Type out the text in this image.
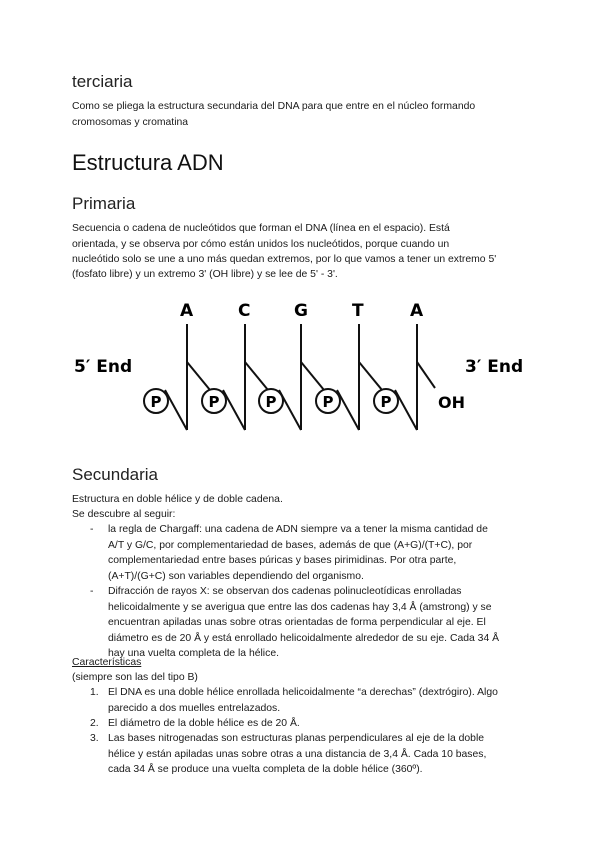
terciaria

Como se pliega la estructura secundaria del DNA para que entre en el núcleo formando

cromosomas y cromatina

Estructura ADN
Primaria

Secuencia o cadena de nucleótidos que forman el DNA (línea en el espacio). Está

orientada, y se observa por cómo están unidos los nucleótidos, porque cuando un

nucleótido solo se une a uno más quedan extremos, por lo que vamos a tener un extremo 5'

(fosfato libre) y un extremo 3' (OH libre) y se lee de 5' - 3'.

5′ End	3′ End
A	C	G	T	A
P	P	P	P	P	OH
Secundaria

Estructura en doble hélice y de doble cadena.

Se descubre al seguir:

- la regla de Chargaff: una cadena de ADN siempre va a tener la misma cantidad de
A/T y G/C, por complementariedad de bases, además de que (A+G)/(T+C), por
complementariedad entre bases púricas y bases pirimidinas. Por otra parte,
(A+T)/(G+C) son variables dependiendo del organismo.
- Difracción de rayos X: se observan dos cadenas polinucleotídicas enrolladas
helicoidalmente y se averigua que entre las dos cadenas hay 3,4 Å (amstrong) y se
encuentran apiladas unas sobre otras orientadas de forma perpendicular al eje. El
diámetro es de 20 Å y está enrollado helicoidalmente alrededor de su eje. Cada 34 Å
hay una vuelta completa de la hélice.

Características

(siempre son las del tipo B)

1. El DNA es una doble hélice enrollada helicoidalmente “a derechas” (dextrógiro). Algo
parecido a dos muelles entrelazados.
2. El diámetro de la doble hélice es de 20 Å.
3. Las bases nitrogenadas son estructuras planas perpendiculares al eje de la doble
hélice y están apiladas unas sobre otras a una distancia de 3,4 Å. Cada 10 bases,
cada 34 Å se produce una vuelta completa de la doble hélice (360º).
